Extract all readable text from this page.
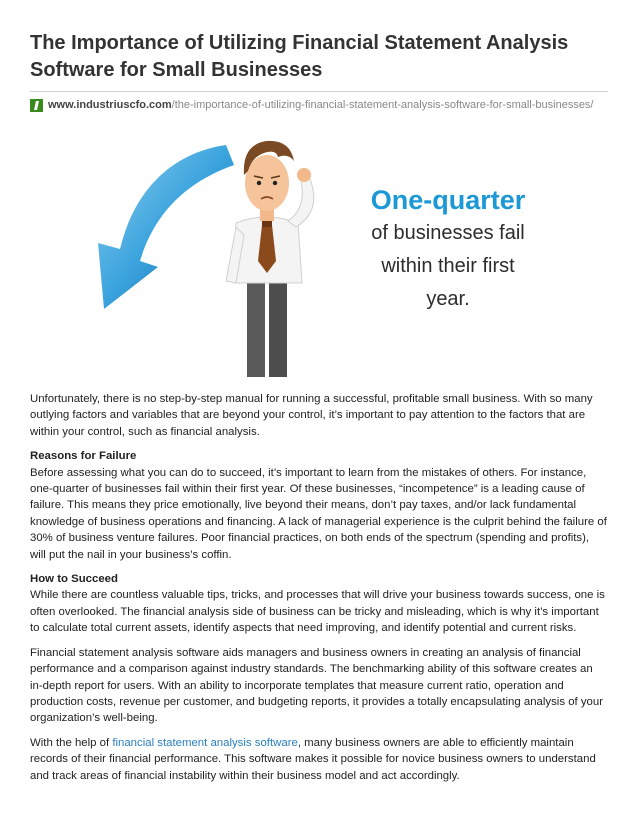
The Importance of Utilizing Financial Statement Analysis Software for Small Businesses
www.industriuscfo.com /the-importance-of-utilizing-financial-statement-analysis-software-for-small-businesses/
One-quarter
of businesses fail
within their first
year.

Unfortunately, there is no step-by-step manual for running a successful, profitable small business. With so many outlying factors and variables that are beyond your control, it’s important to pay attention to the factors that are within your control, such as financial analysis.

Reasons for Failure

Before assessing what you can do to succeed, it’s important to learn from the mistakes of others. For instance, one-quarter of businesses fail within their first year. Of these businesses, “incompetence” is a leading cause of failure. This means they price emotionally, live beyond their means, don’t pay taxes, and/or lack fundamental knowledge of business operations and financing. A lack of managerial experience is the culprit behind the failure of 30% of business venture failures. Poor financial practices, on both ends of the spectrum (spending and profits), will put the nail in your business’s coffin.

How to Succeed

While there are countless valuable tips, tricks, and processes that will drive your business towards success, one is often overlooked. The financial analysis side of business can be tricky and misleading, which is why it’s important to calculate total current assets, identify aspects that need improving, and identify potential and current risks.

Financial statement analysis software aids managers and business owners in creating an analysis of financial performance and a comparison against industry standards. The benchmarking ability of this software creates an in-depth report for users. With an ability to incorporate templates that measure current ratio, operation and production costs, revenue per customer, and budgeting reports, it provides a totally encapsulating analysis of your organization’s well-being.

With the help of financial statement analysis software, many business owners are able to efficiently maintain records of their financial performance. This software makes it possible for novice business owners to understand and track areas of financial instability within their business model and act accordingly.
